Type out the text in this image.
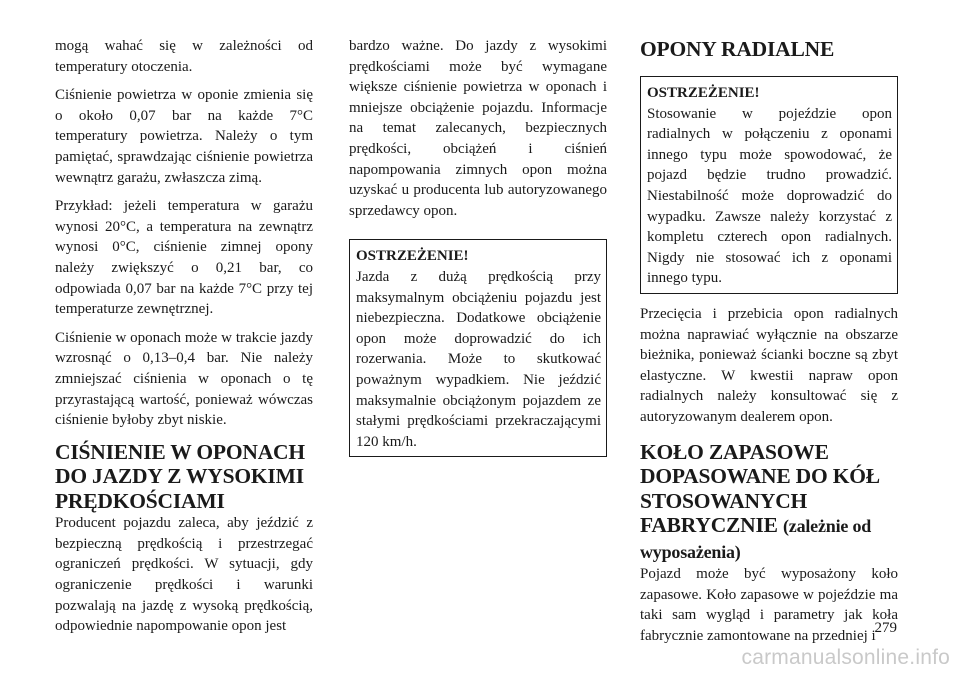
mogą wahać się w zależności od temperatury otoczenia.

Ciśnienie powietrza w oponie zmienia się o około 0,07 bar na każde 7°C temperatury powietrza. Należy o tym pamiętać, sprawdzając ciśnienie powietrza wewnątrz garażu, zwłaszcza zimą.

Przykład: jeżeli temperatura w garażu wynosi 20°C, a temperatura na zewnątrz wynosi 0°C, ciśnienie zimnej opony należy zwiększyć o 0,21 bar, co odpowiada 0,07 bar na każde 7°C przy tej temperaturze zewnętrznej.

Ciśnienie w oponach może w trakcie jazdy wzrosnąć o 0,13–0,4 bar. Nie należy zmniejszać ciśnienia w oponach o tę przyrastającą wartość, ponieważ wówczas ciśnienie byłoby zbyt niskie.

CIŚNIENIE W OPONACH DO JAZDY Z WYSOKIMI PRĘDKOŚCIAMI

Producent pojazdu zaleca, aby jeździć z bezpieczną prędkością i przestrzegać ograniczeń prędkości. W sytuacji, gdy ograniczenie prędkości i warunki pozwalają na jazdę z wysoką prędkością, odpowiednie napompowanie opon jest

bardzo ważne. Do jazdy z wysokimi prędkościami może być wymagane większe ciśnienie powietrza w oponach i mniejsze obciążenie pojazdu. Informacje na temat zalecanych, bezpiecznych prędkości, obciążeń i ciśnień napompowania zimnych opon można uzyskać u producenta lub autoryzowanego sprzedawcy opon.

OSTRZEŻENIE!
Jazda z dużą prędkością przy maksymalnym obciążeniu pojazdu jest niebezpieczna. Dodatkowe obciążenie opon może doprowadzić do ich rozerwania. Może to skutkować poważnym wypadkiem. Nie jeździć maksymalnie obciążonym pojazdem ze stałymi prędkościami przekraczającymi 120 km/h.
OPONY RADIALNE
OSTRZEŻENIE!
Stosowanie w pojeździe opon radialnych w połączeniu z oponami innego typu może spowodować, że pojazd będzie trudno prowadzić. Niestabilność może doprowadzić do wypadku. Zawsze należy korzystać z kompletu czterech opon radialnych. Nigdy nie stosować ich z oponami innego typu.

Przecięcia i przebicia opon radialnych można naprawiać wyłącznie na obszarze bieżnika, ponieważ ścianki boczne są zbyt elastyczne. W kwestii napraw opon radialnych należy konsultować się z autoryzowanym dealerem opon.

KOŁO ZAPASOWE DOPASOWANE DO KÓŁ STOSOWANYCH FABRYCZNIE (zależnie od wyposażenia)

Pojazd może być wyposażony koło zapasowe. Koło zapasowe w pojeździe ma taki sam wygląd i parametry jak koła fabrycznie zamontowane na przedniej i

279
carmanualsonline.info
